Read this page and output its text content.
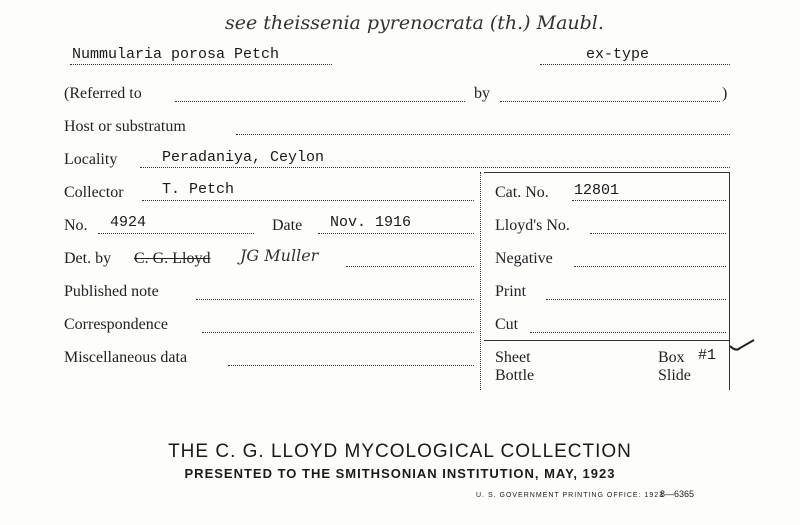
see theissenia pyrenocrata (th.) Maubl.
Nummularia porosa Petch	ex-type
(Referred to	by	)
Host or substratum
Locality	Peradaniya, Ceylon
Collector	T. Petch	Cat. No. 12801
No. 4924	Date Nov. 1916	Lloyd's No.
Det. by C. G. Lloyd JG Muller	Negative
Published note	Print
Correspondence	Cut
Miscellaneous data	Sheet	Box #1
Bottle	Slide
THE C. G. LLOYD MYCOLOGICAL COLLECTION
PRESENTED TO THE SMITHSONIAN INSTITUTION, MAY, 1923
U. S. GOVERNMENT PRINTING OFFICE: 1923
8—6365
